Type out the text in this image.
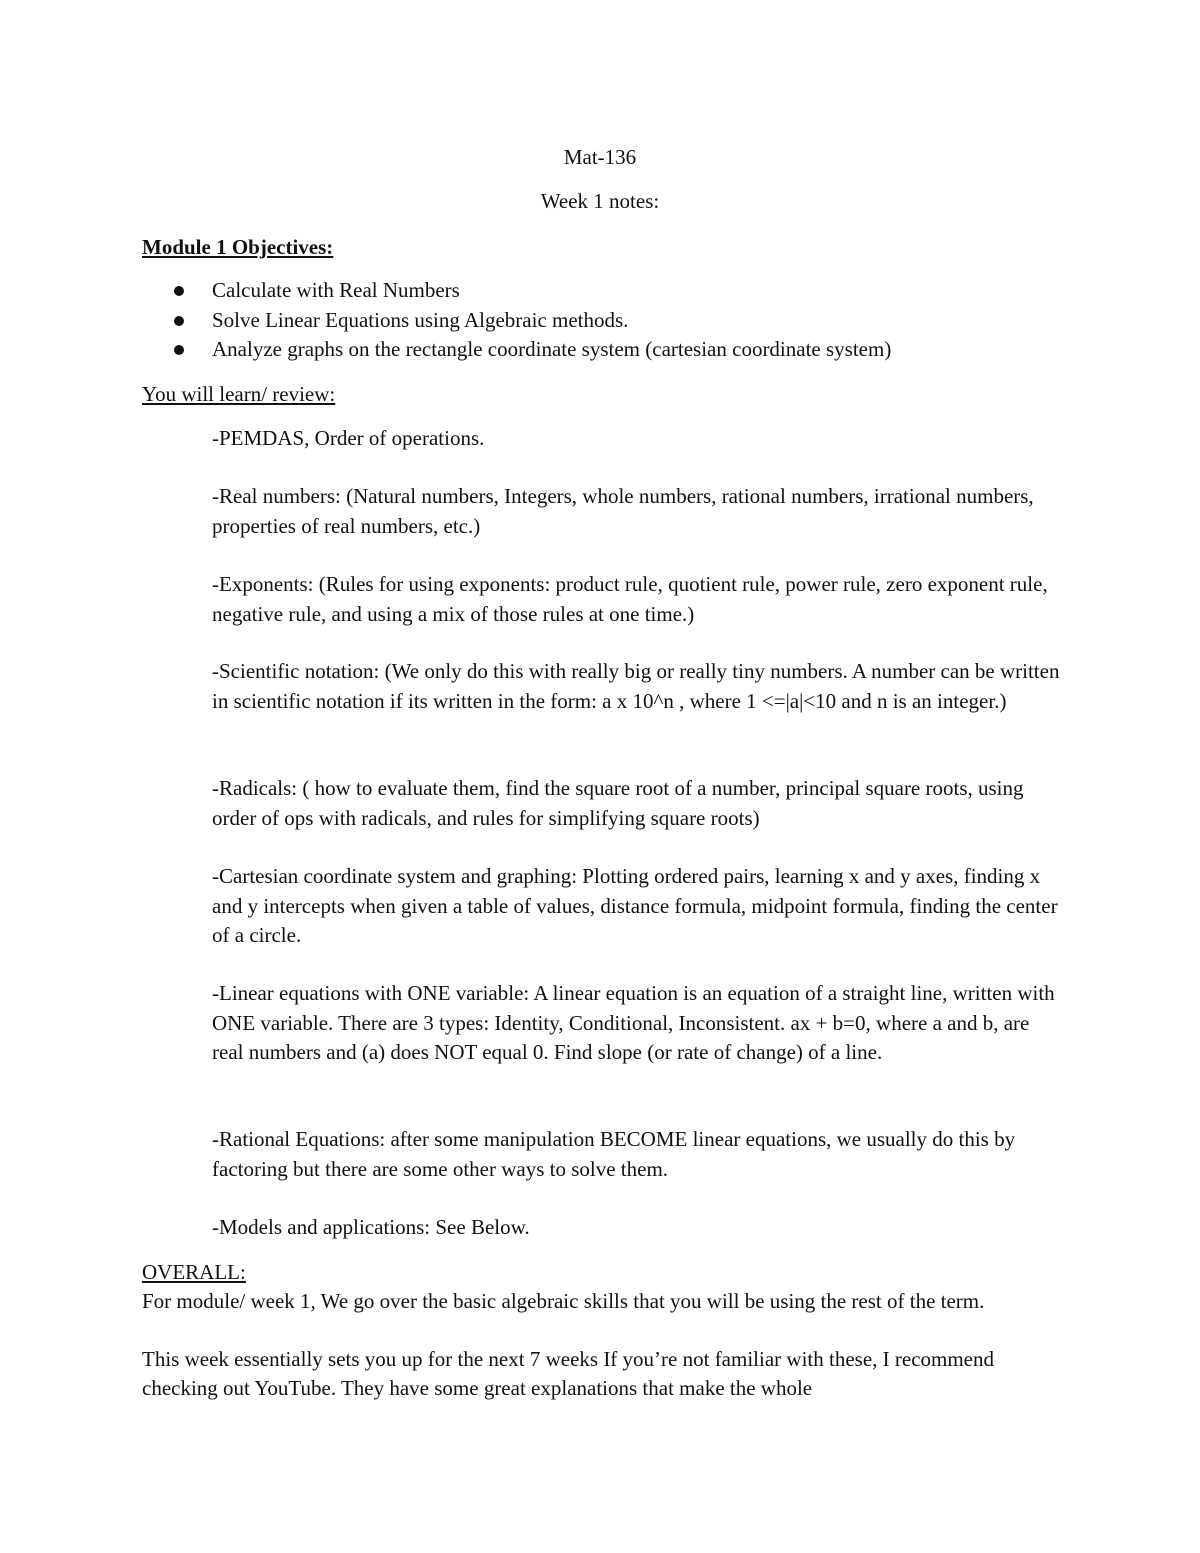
Mat-136
Week 1 notes:
Module 1 Objectives:
Calculate with Real Numbers
Solve Linear Equations using Algebraic methods.
Analyze graphs on the rectangle coordinate system (cartesian coordinate system)
You will learn/ review:

-PEMDAS, Order of operations.

-Real numbers: (Natural numbers, Integers, whole numbers, rational numbers, irrational numbers, properties of real numbers, etc.)

-Exponents: (Rules for using exponents: product rule, quotient rule, power rule, zero exponent rule, negative rule, and using a mix of those rules at one time.)

-Scientific notation: (We only do this with really big or really tiny numbers. A number can be written in scientific notation if its written in the form: a x 10^n , where 1 <=|a|<10 and n is an integer.)

-Radicals: ( how to evaluate them, find the square root of a number, principal square roots, using order of ops with radicals, and rules for simplifying square roots)

-Cartesian coordinate system and graphing: Plotting ordered pairs, learning x and y axes, finding x and y intercepts when given a table of values, distance formula, midpoint formula, finding the center of a circle.

-Linear equations with ONE variable: A linear equation is an equation of a straight line, written with ONE variable. There are 3 types: Identity, Conditional, Inconsistent. ax + b=0, where a and b, are real numbers and (a) does NOT equal 0. Find slope (or rate of change) of a line.

-Rational Equations: after some manipulation BECOME linear equations, we usually do this by factoring but there are some other ways to solve them.

-Models and applications: See Below.

OVERALL:

For module/ week 1, We go over the basic algebraic skills that you will be using the rest of the term.

This week essentially sets you up for the next 7 weeks If you’re not familiar with these, I recommend checking out YouTube. They have some great explanations that make the whole
